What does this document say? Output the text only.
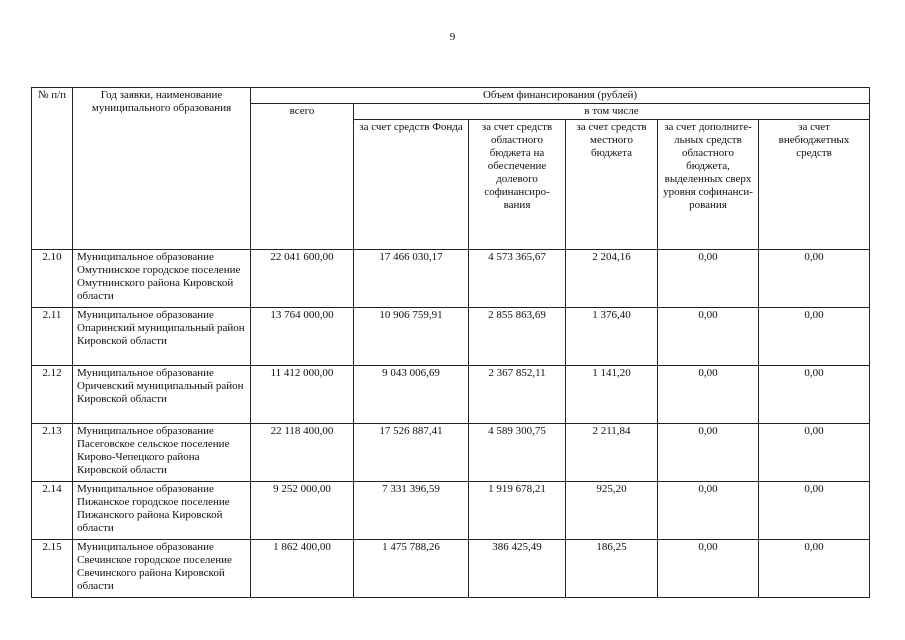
9
№ п/п	Год заявки, наименование муниципального образования	Объем финансирования (рублей)					
		всего	в том числе				
			за счет средств Фонда	за счет средств областного бюджета на обеспечение долевого софинансиро-вания	за счет средств местного бюджета	за счет дополните-льных средств областного бюджета, выделенных сверх уровня софинанси-рования	за счет внебюджетных средств
2.10	Муниципальное образование Омутнинское городское поселение Омутнинского района Кировской области	22 041 600,00	17 466 030,17	4 573 365,67	2 204,16	0,00	0,00
2.11	Муниципальное образование Опаринский муниципальный район Кировской области	13 764 000,00	10 906 759,91	2 855 863,69	1 376,40	0,00	0,00
2.12	Муниципальное образование Оричевский муниципальный район Кировской области	11 412 000,00	9 043 006,69	2 367 852,11	1 141,20	0,00	0,00
2.13	Муниципальное образование Пасеговское сельское поселение Кирово-Чепецкого района Кировской области	22 118 400,00	17 526 887,41	4 589 300,75	2 211,84	0,00	0,00
2.14	Муниципальное образование Пижанское городское поселение Пижанского района Кировской области	9 252 000,00	7 331 396,59	1 919 678,21	925,20	0,00	0,00
2.15	Муниципальное образование Свечинское городское поселение Свечинского района Кировской области	1 862 400,00	1 475 788,26	386 425,49	186,25	0,00	0,00
